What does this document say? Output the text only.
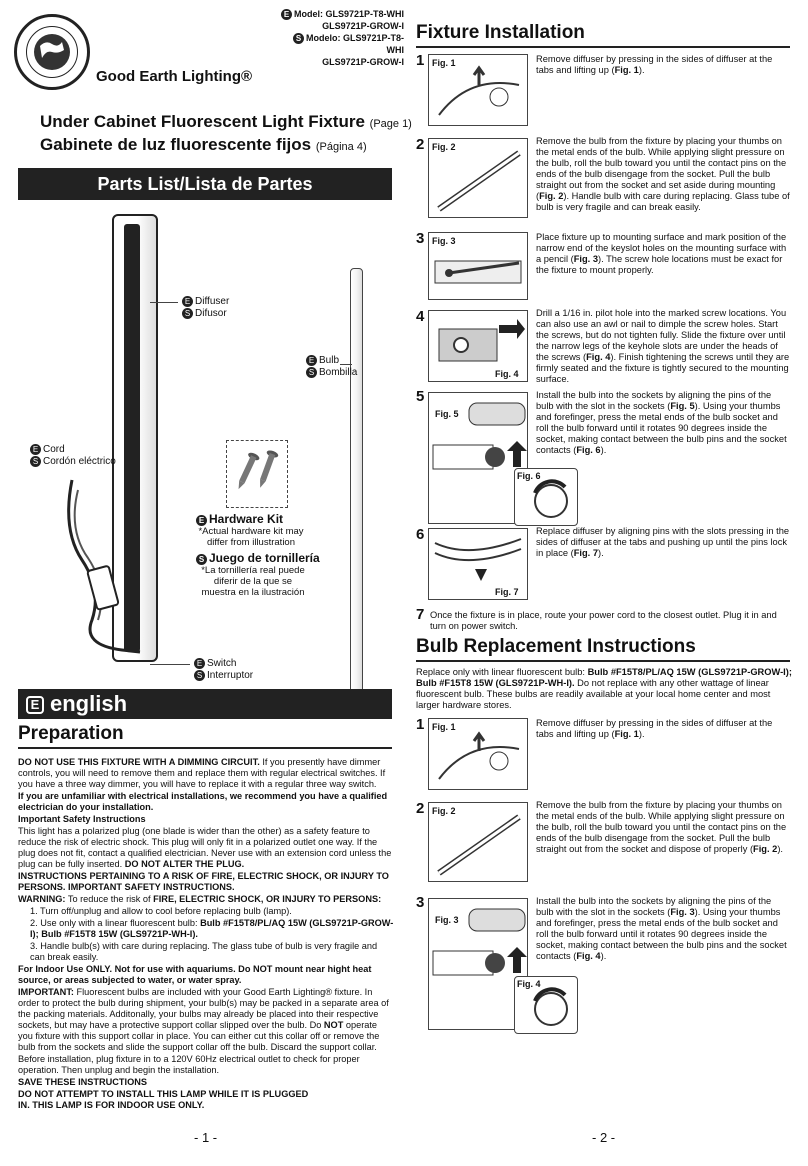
Good Earth Lighting®
E Model: GLS9721P-T8-WHI
GLS9721P-GROW-I
S Modelo: GLS9721P-T8-WHI
GLS9721P-GROW-I
Under Cabinet Fluorescent Light Fixture (Page 1)
Gabinete de luz fluorescente fijos (Página 4)
Parts List/Lista de Partes
E Diffuser
S Difusor
E Bulb
S Bombilla
E Cord
S Cordón eléctrico
E Switch
S Interruptor
E Hardware Kit
*Actual hardware kit may differ from illustration
S Juego de tornillería
*La tornillería real puede diferir de la que se muestra en la ilustración
E english
Preparation

DO NOT USE THIS FIXTURE WITH A DIMMING CIRCUIT. If you presently have dimmer controls, you will need to remove them and replace them with regular electrical switches. If you have a three way dimmer, you will have to replace it with a regular three way switch.

If you are unfamiliar with electrical installations, we recommend you have a qualified electrician do your installation.

Important Safety Instructions

This light has a polarized plug (one blade is wider than the other) as a safety feature to reduce the risk of electric shock. This plug will only fit in a polarized outlet one way. If the plug does not fit, contact a qualified electrician. Never use with an extension cord unless the plug can be fully inserted. DO NOT ALTER THE PLUG.

INSTRUCTIONS PERTAINING TO A RISK OF FIRE, ELECTRIC SHOCK, OR INJURY TO PERSONS. IMPORTANT SAFETY INSTRUCTIONS.

WARNING: To reduce the risk of FIRE, ELECTRIC SHOCK, OR INJURY TO PERSONS:

1. Turn off/unplug and allow to cool before replacing bulb (lamp).

2. Use only with a linear fluorescent bulb: Bulb #F15T8/PL/AQ 15W (GLS9721P-GROW-I); Bulb #F15T8 15W (GLS9721P-WH-I).

3. Handle bulb(s) with care during replacing. The glass tube of bulb is very fragile and can break easily.

For Indoor Use ONLY. Not for use with aquariums. Do NOT mount near hight heat source, or areas subjected to water, or water spray.

IMPORTANT: Fluorescent bulbs are included with your Good Earth Lighting® fixture. In order to protect the bulb during shipment, your bulb(s) may be packed in a separate area of the packing materials. Additonally, your bulbs may already be placed into their respective sockets, but may have a protective support collar slipped over the bulb. Do NOT operate you fixture with this support collar in place. You can either cut this collar off or remove the bulb from the sockets and slide the support collar off the bulb. Discard the support collar.

Before installation, plug fixture in to a 120V 60Hz electrical outlet to check for proper operation. Then unplug and begin the installation.

SAVE THESE INSTRUCTIONS

DO NOT ATTEMPT TO INSTALL THIS LAMP WHILE IT IS PLUGGED IN. THIS LAMP IS FOR INDOOR USE ONLY.

- 1 -
Fixture Installation
1 Fig. 1	Remove diffuser by pressing in the sides of diffuser at the tabs and lifting up (Fig. 1).
2 Fig. 2
Remove the bulb from the fixture by placing your thumbs on the metal ends of the bulb. While applying slight pressure on the bulb, roll the bulb toward you until the contact pins on the ends of the bulb disengage from the socket. Pull the bulb straight out from the socket and set aside during mounting (Fig. 2). Handle bulb with care during replacing. Glass tube of bulb is very fragile and can break easily.
3 Fig. 3	Place fixture up to mounting surface and mark position of the narrow end of the keyslot holes on the mounting surface with a pencil (Fig. 3). The screw hole locations must be exact for the fixture to mount properly.
4
Fig. 4
Drill a 1/16 in. pilot hole into the marked screw locations. You can also use an awl or nail to dimple the screw holes. Start the screws, but do not tighten fully. Slide the fixture over until the narrow legs of the keyhole slots are under the heads of the screws (Fig. 4). Finish tightening the screws until they are firmly seated and the fixture is tightly secured to the mounting surface.
5
Fig. 5
Fig. 6
Install the bulb into the sockets by aligning the pins of the bulb with the slot in the sockets (Fig. 5). Using your thumbs and forefinger, press the metal ends of the bulb socket and roll the bulb forward until it rotates 90 degrees inside the socket, making contact between the bulb pins and the socket contacts (Fig. 6).
6
Fig. 7
Replace diffuser by aligning pins with the slots pressing in the sides of diffuser at the tabs and pushing up until the pins lock in place (Fig. 7).
7 Once the fixture is in place, route your power cord to the closest outlet. Plug it in and turn on power switch.
Bulb Replacement Instructions
Replace only with linear fluorescent bulb: Bulb #F15T8/PL/AQ 15W (GLS9721P-GROW-I); Bulb #F15T8 15W (GLS9721P-WH-I). Do not replace with any other wattage of linear fluorescent bulb. These bulbs are readily available at your local home center and most larger hardware stores.
1 Fig. 1	Remove diffuser by pressing in the sides of diffuser at the tabs and lifting up (Fig. 1).
2 Fig. 2
Remove the bulb from the fixture by placing your thumbs on the metal ends of the bulb. While applying slight pressure on the bulb, roll the bulb toward you until the contact pins on the ends of the bulb disengage from the socket. Pull the bulb straight out from the socket and dispose of properly (Fig. 2).
3
Fig. 3
Fig. 4
Install the bulb into the sockets by aligning the pins of the bulb with the slot in the sockets (Fig. 3). Using your thumbs and forefinger, press the metal ends of the bulb socket and roll the bulb forward until it rotates 90 degrees inside the socket, making contact between the bulb pins and the socket contacts (Fig. 4).
- 2 -
